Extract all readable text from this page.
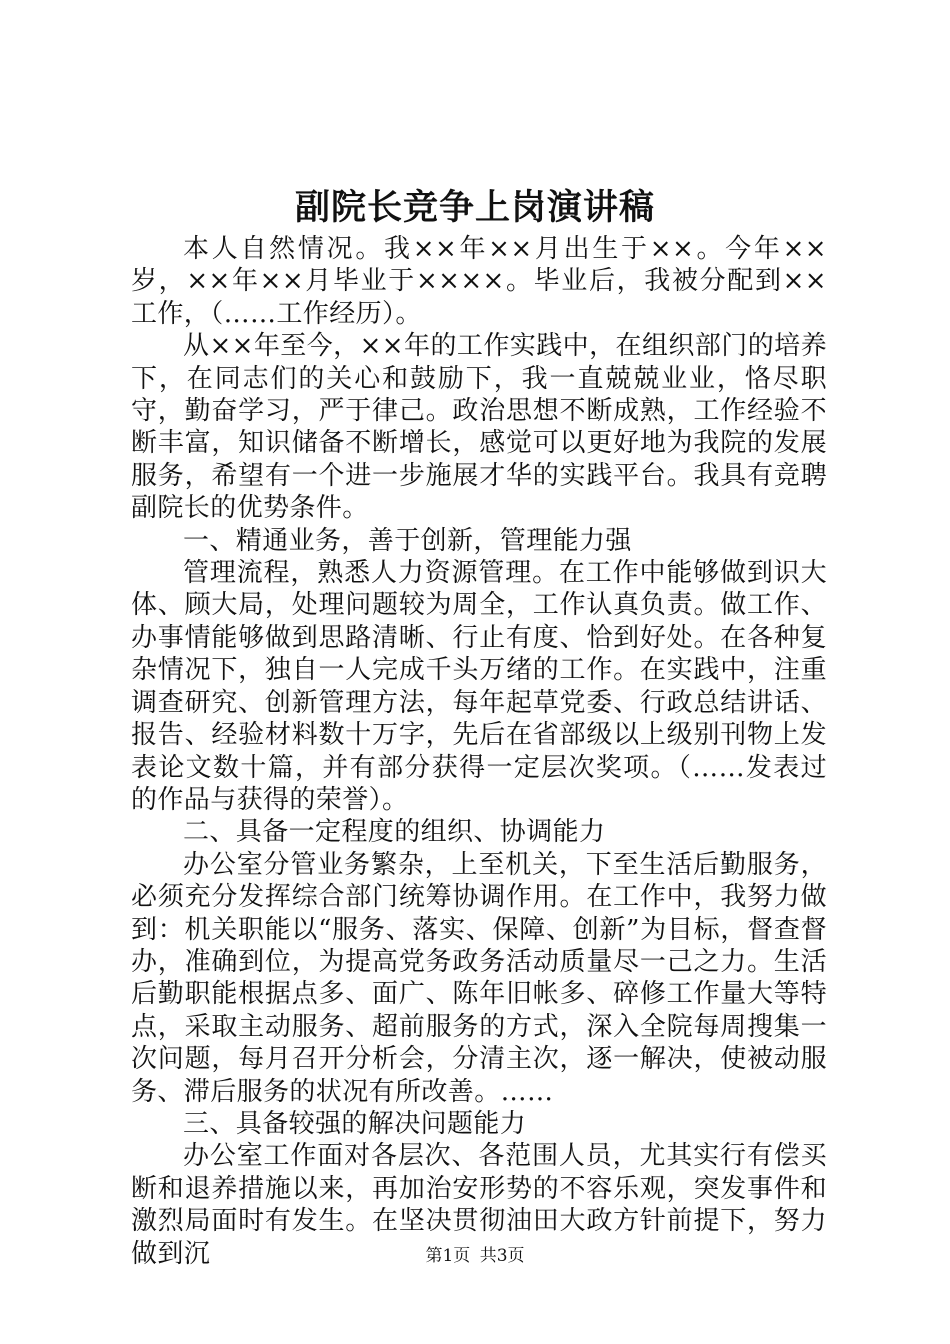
副院长竞争上岗演讲稿

本人自然情况。我××年××月出生于××。今年××岁，××年××月毕业于××××。毕业后，我被分配到××工作，（……工作经历）。

从××年至今，××年的工作实践中，在组织部门的培养下，在同志们的关心和鼓励下，我一直兢兢业业，恪尽职守，勤奋学习，严于律己。政治思想不断成熟，工作经验不断丰富，知识储备不断增长，感觉可以更好地为我院的发展服务，希望有一个进一步施展才华的实践平台。我具有竞聘副院长的优势条件。

一、精通业务，善于创新，管理能力强

管理流程，熟悉人力资源管理。在工作中能够做到识大体、顾大局，处理问题较为周全，工作认真负责。做工作、办事情能够做到思路清晰、行止有度、恰到好处。在各种复杂情况下，独自一人完成千头万绪的工作。在实践中，注重调查研究、创新管理方法，每年起草党委、行政总结讲话、报告、经验材料数十万字，先后在省部级以上级别刊物上发表论文数十篇，并有部分获得一定层次奖项。（……发表过的作品与获得的荣誉）。

二、具备一定程度的组织、协调能力

办公室分管业务繁杂，上至机关，下至生活后勤服务，必须充分发挥综合部门统筹协调作用。在工作中，我努力做到：机关职能以“服务、落实、保障、创新”为目标，督查督办，准确到位，为提高党务政务活动质量尽一己之力。生活后勤职能根据点多、面广、陈年旧帐多、碎修工作量大等特点，采取主动服务、超前服务的方式，深入全院每周搜集一次问题，每月召开分析会，分清主次，逐一解决，使被动服务、滞后服务的状况有所改善。……

三、具备较强的解决问题能力

办公室工作面对各层次、各范围人员，尤其实行有偿买断和退养措施以来，再加治安形势的不容乐观，突发事件和激烈局面时有发生。在坚决贯彻油田大政方针前提下，努力做到沉	第1页 共3页
